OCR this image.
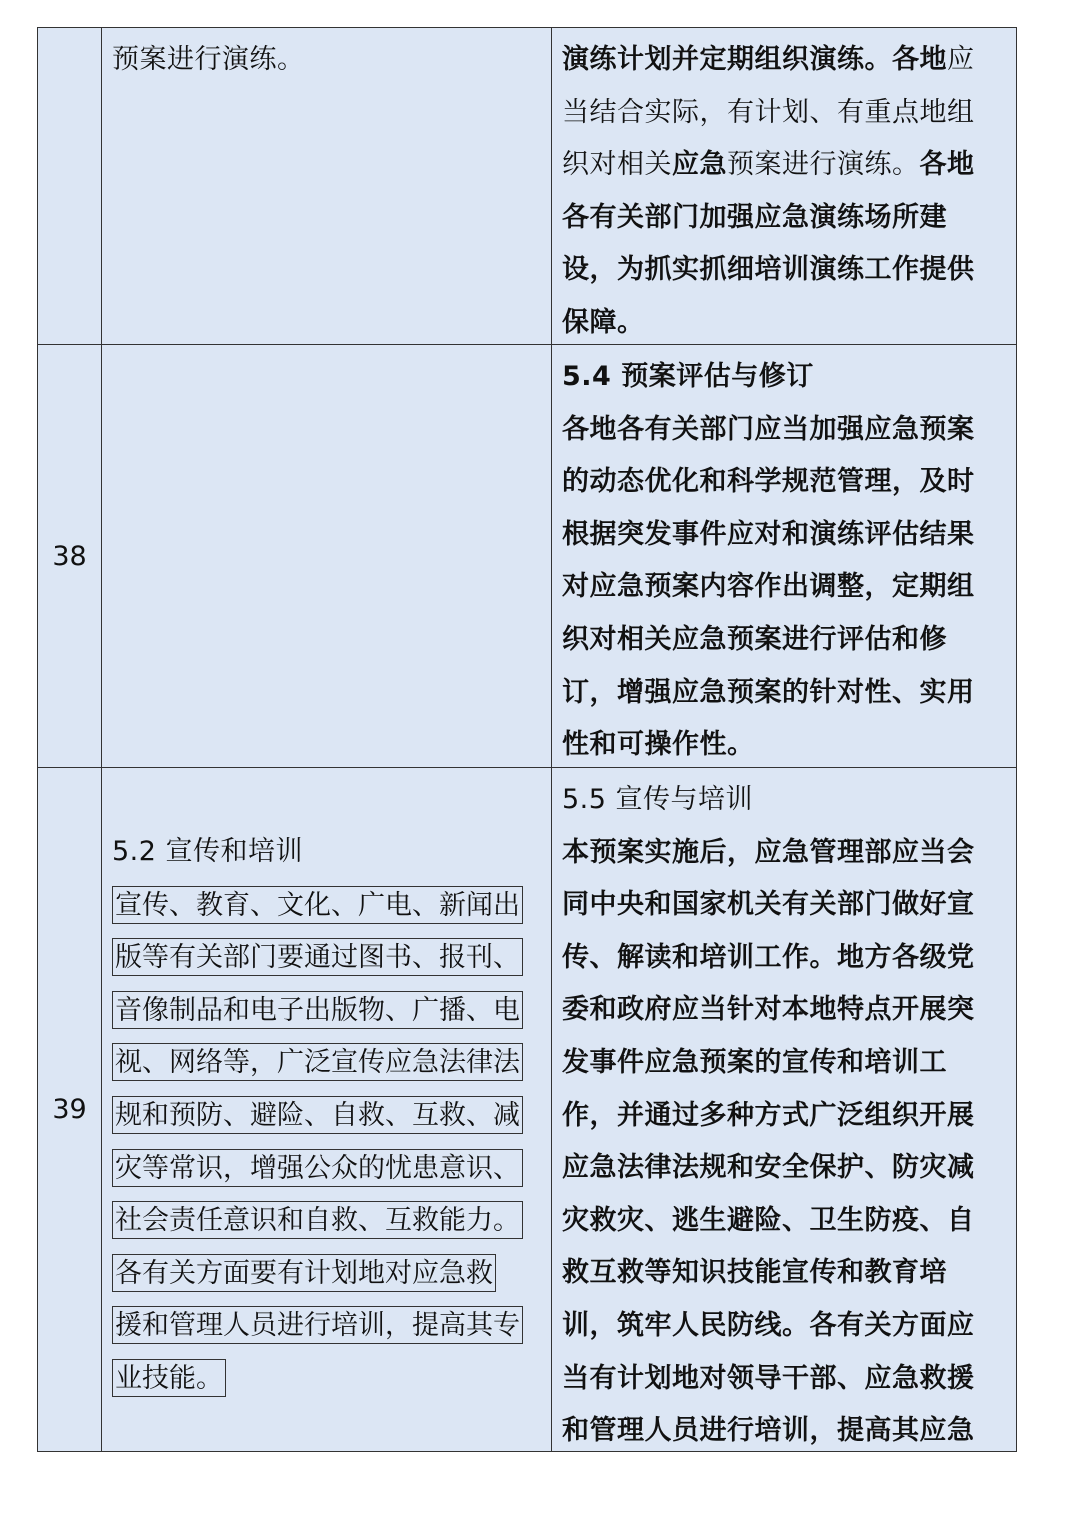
预案进行演练。	演练计划并定期组织演练。各地应
当结合实际，有计划、有重点地组
织对相关应急预案进行演练。各地
各有关部门加强应急演练场所建
设，为抓实抓细培训演练工作提供
保障。
38
5.4 预案评估与修订
各地各有关部门应当加强应急预案
的动态优化和科学规范管理，及时
根据突发事件应对和演练评估结果
对应急预案内容作出调整，定期组
织对相关应急预案进行评估和修
订，增强应急预案的针对性、实用
性和可操作性。
39
5.2 宣传和培训
宣传、教育、文化、广电、新闻出
版等有关部门要通过图书、报刊、
音像制品和电子出版物、广播、电
视、网络等，广泛宣传应急法律法
规和预防、避险、自救、互救、减
灾等常识，增强公众的忧患意识、
社会责任意识和自救、互救能力。
各有关方面要有计划地对应急救
援和管理人员进行培训，提高其专
业技能。
5.5 宣传与培训
本预案实施后，应急管理部应当会
同中央和国家机关有关部门做好宣
传、解读和培训工作。地方各级党
委和政府应当针对本地特点开展突
发事件应急预案的宣传和培训工
作，并通过多种方式广泛组织开展
应急法律法规和安全保护、防灾减
灾救灾、逃生避险、卫生防疫、自
救互救等知识技能宣传和教育培
训，筑牢人民防线。各有关方面应
当有计划地对领导干部、应急救援
和管理人员进行培训，提高其应急
